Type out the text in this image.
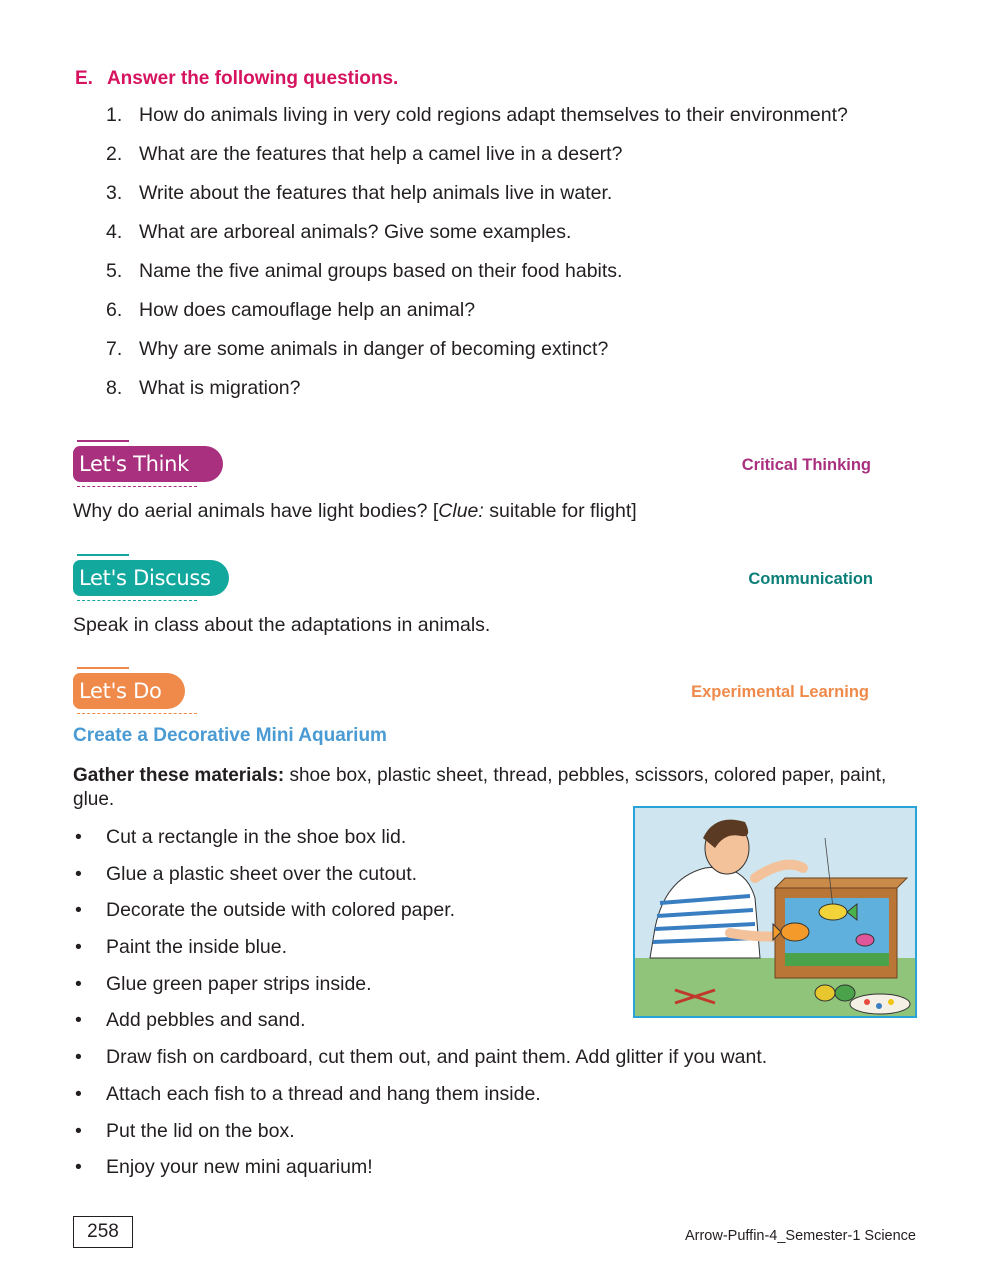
E. Answer the following questions.
1. How do animals living in very cold regions adapt themselves to their environment?
2. What are the features that help a camel live in a desert?
3. Write about the features that help animals live in water.
4. What are arboreal animals? Give some examples.
5. Name the five animal groups based on their food habits.
6. How does camouflage help an animal?
7. Why are some animals in danger of becoming extinct?
8. What is migration?
Let's Think	Critical Thinking
Why do aerial animals have light bodies? [Clue: suitable for flight]
Let's Discuss	Communication
Speak in class about the adaptations in animals.
Let's Do	Experimental Learning
Create a Decorative Mini Aquarium
Gather these materials: shoe box, plastic sheet, thread, pebbles, scissors, colored paper, paint, glue.
•	Cut a rectangle in the shoe box lid.
•	Glue a plastic sheet over the cutout.
•	Decorate the outside with colored paper.
•	Paint the inside blue.
•	Glue green paper strips inside.
•	Add pebbles and sand.
•	Draw fish on cardboard, cut them out, and paint them. Add glitter if you want.
•	Attach each fish to a thread and hang them inside.
•	Put the lid on the box.
•	Enjoy your new mini aquarium!
258	Arrow-Puffin-4_Semester-1 Science
